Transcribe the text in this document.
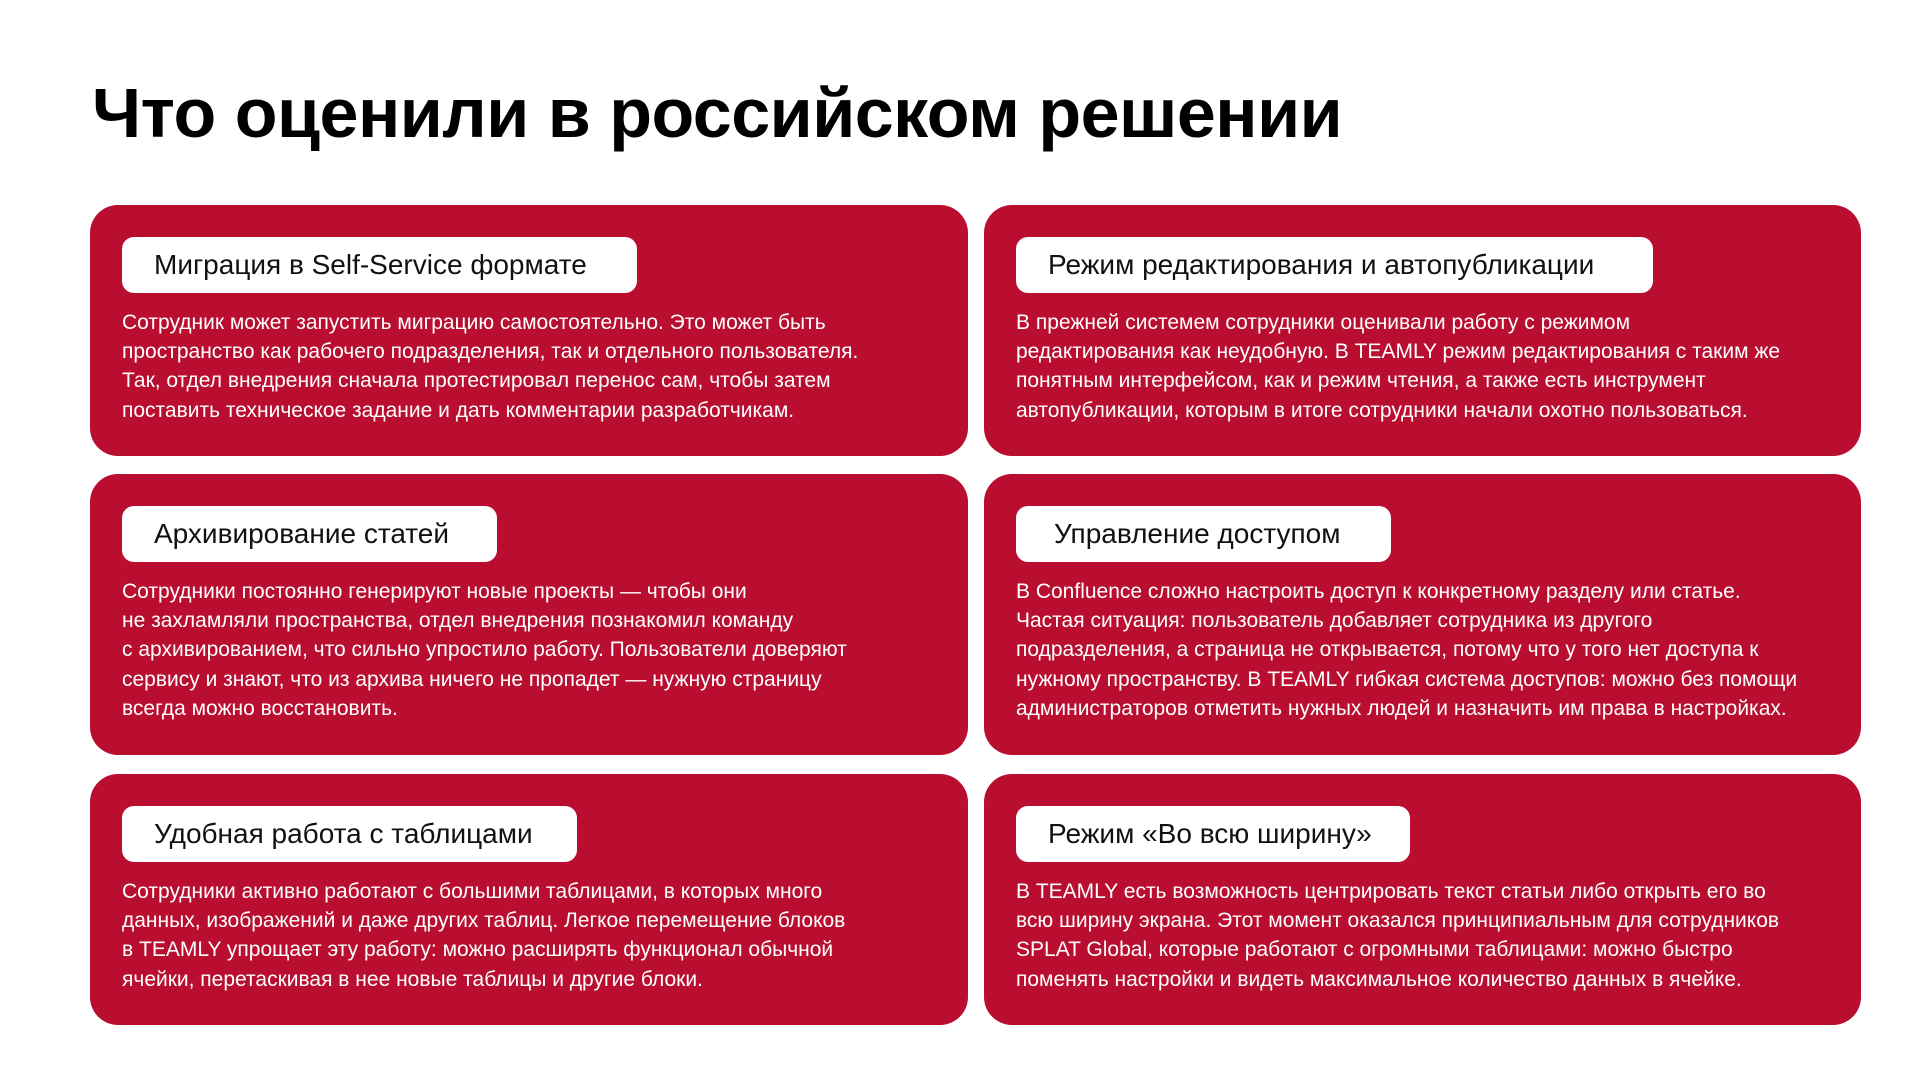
Что оценили в российском решении
Миграция в Self-Service формате
Сотрудник может запустить миграцию самостоятельно. Это может быть
пространство как рабочего подразделения, так и отдельного пользователя.
Так, отдел внедрения сначала протестировал перенос сам, чтобы затем
поставить техническое задание и дать комментарии разработчикам.
Режим редактирования и автопубликации
В прежней системем сотрудники оценивали работу с режимом
редактирования как неудобную. В TEAMLY режим редактирования с таким же
понятным интерфейсом, как и режим чтения, а также есть инструмент
автопубликации, которым в итоге сотрудники начали охотно пользоваться.
Архивирование статей
Сотрудники постоянно генерируют новые проекты — чтобы они
не захламляли пространства, отдел внедрения познакомил команду
с архивированием, что сильно упростило работу. Пользователи доверяют
сервису и знают, что из архива ничего не пропадет — нужную страницу
всегда можно восстановить.
Управление доступом
В Confluence сложно настроить доступ к конкретному разделу или статье.
Частая ситуация: пользователь добавляет сотрудника из другого
подразделения, а страница не открывается, потому что у того нет доступа к
нужному пространству. В TEAMLY гибкая система доступов: можно без помощи
администраторов отметить нужных людей и назначить им права в настройках.
Удобная работа с таблицами
Сотрудники активно работают с большими таблицами, в которых много
данных, изображений и даже других таблиц. Легкое перемещение блоков
в TEAMLY упрощает эту работу: можно расширять функционал обычной
ячейки, перетаскивая в нее новые таблицы и другие блоки.
Режим «Во всю ширину»
В TEAMLY есть возможность центрировать текст статьи либо открыть его во
всю ширину экрана. Этот момент оказался принципиальным для сотрудников
SPLAT Global, которые работают с огромными таблицами: можно быстро
поменять настройки и видеть максимальное количество данных в ячейке.
